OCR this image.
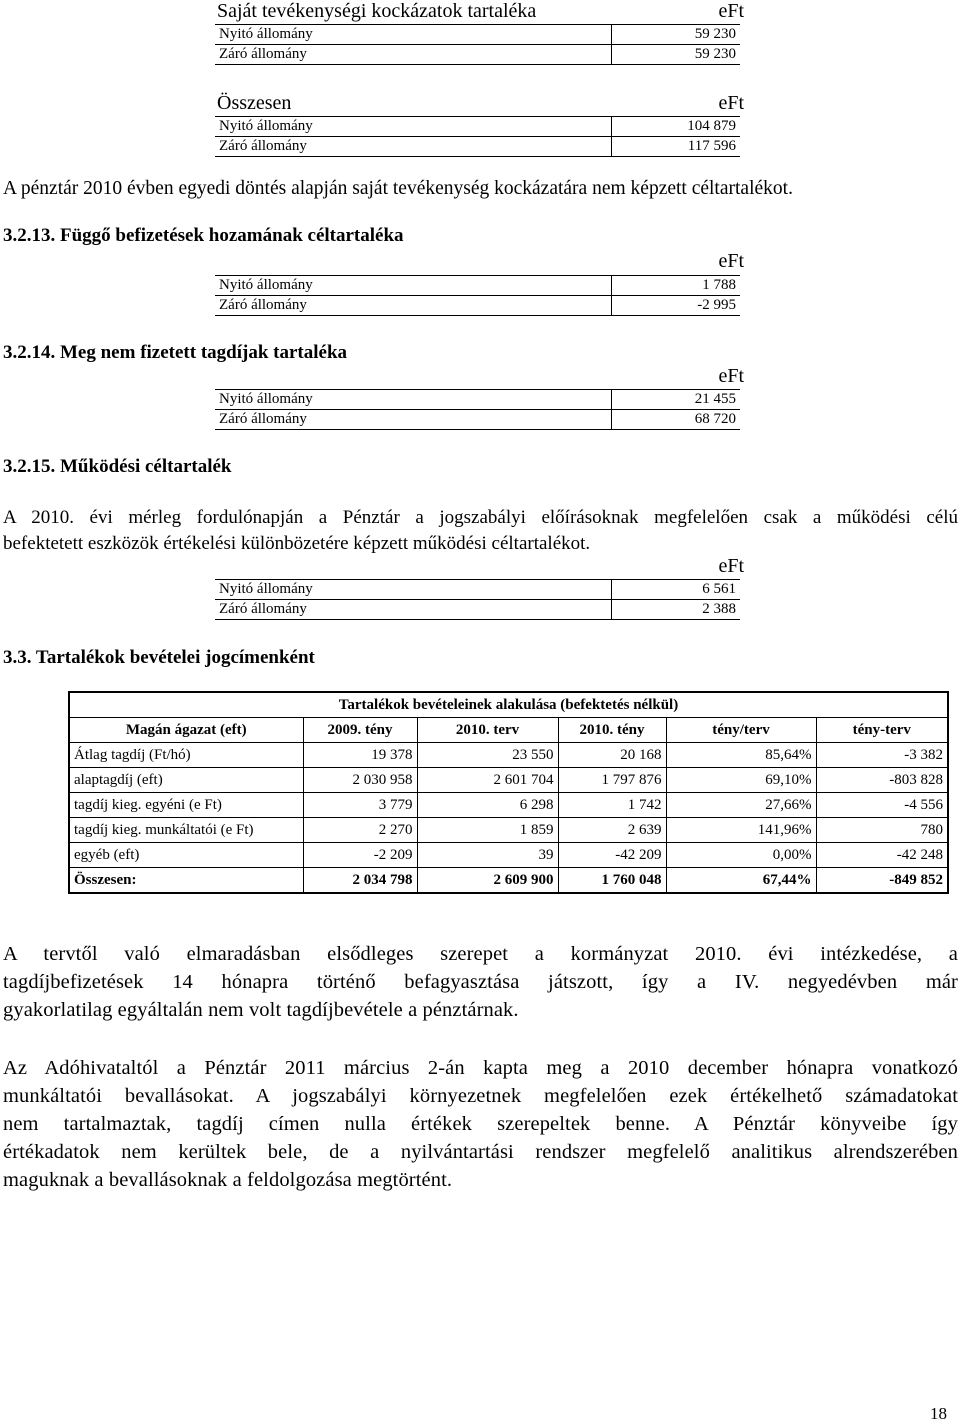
Saját tevékenységi kockázatok tartaléka	eFt
Nyitó állomány	59 230
Záró állomány	59 230
Összesen	eFt
Nyitó állomány	104 879
Záró állomány	117 596
A pénztár 2010 évben egyedi döntés alapján saját tevékenység kockázatára nem képzett céltartalékot.
3.2.13. Függő befizetések hozamának céltartaléka
eFt
Nyitó állomány	1 788
Záró állomány	-2 995
3.2.14. Meg nem fizetett tagdíjak tartaléka
eFt
Nyitó állomány	21 455
Záró állomány	68 720
3.2.15. Működési céltartalék
A 2010. évi mérleg fordulónapján a Pénztár a jogszabályi előírásoknak megfelelően csak a működési célú
befektetett eszközök értékelési különbözetére képzett működési céltartalékot.
eFt
Nyitó állomány	6 561
Záró állomány	2 388
3.3. Tartalékok bevételei jogcímenként
Tartalékok bevételeinek alakulása (befektetés nélkül)					
Magán ágazat (eft)	2009. tény	2010. terv	2010. tény	tény/terv	tény-terv
Átlag tagdíj (Ft/hó)	19 378	23 550	20 168	85,64%	-3 382
alaptagdíj (eft)	2 030 958	2 601 704	1 797 876	69,10%	-803 828
tagdíj kieg. egyéni (e Ft)	3 779	6 298	1 742	27,66%	-4 556
tagdíj kieg. munkáltatói (e Ft)	2 270	1 859	2 639	141,96%	780
egyéb (eft)	-2 209	39	-42 209	0,00%	-42 248
Összesen:	2 034 798	2 609 900	1 760 048	67,44%	-849 852
A tervtől való elmaradásban elsődleges szerepet a kormányzat 2010. évi intézkedése, a
tagdíjbefizetések 14 hónapra történő befagyasztása játszott, így a IV. negyedévben már
gyakorlatilag egyáltalán nem volt tagdíjbevétele a pénztárnak.
Az Adóhivataltól a Pénztár 2011 március 2-án kapta meg a 2010 december hónapra vonatkozó
munkáltatói bevallásokat. A jogszabályi környezetnek megfelelően ezek értékelhető számadatokat
nem tartalmaztak, tagdíj címen nulla értékek szerepeltek benne. A Pénztár könyveibe így
értékadatok nem kerültek bele, de a nyilvántartási rendszer megfelelő analitikus alrendszerében
maguknak a bevallásoknak a feldolgozása megtörtént.
18
